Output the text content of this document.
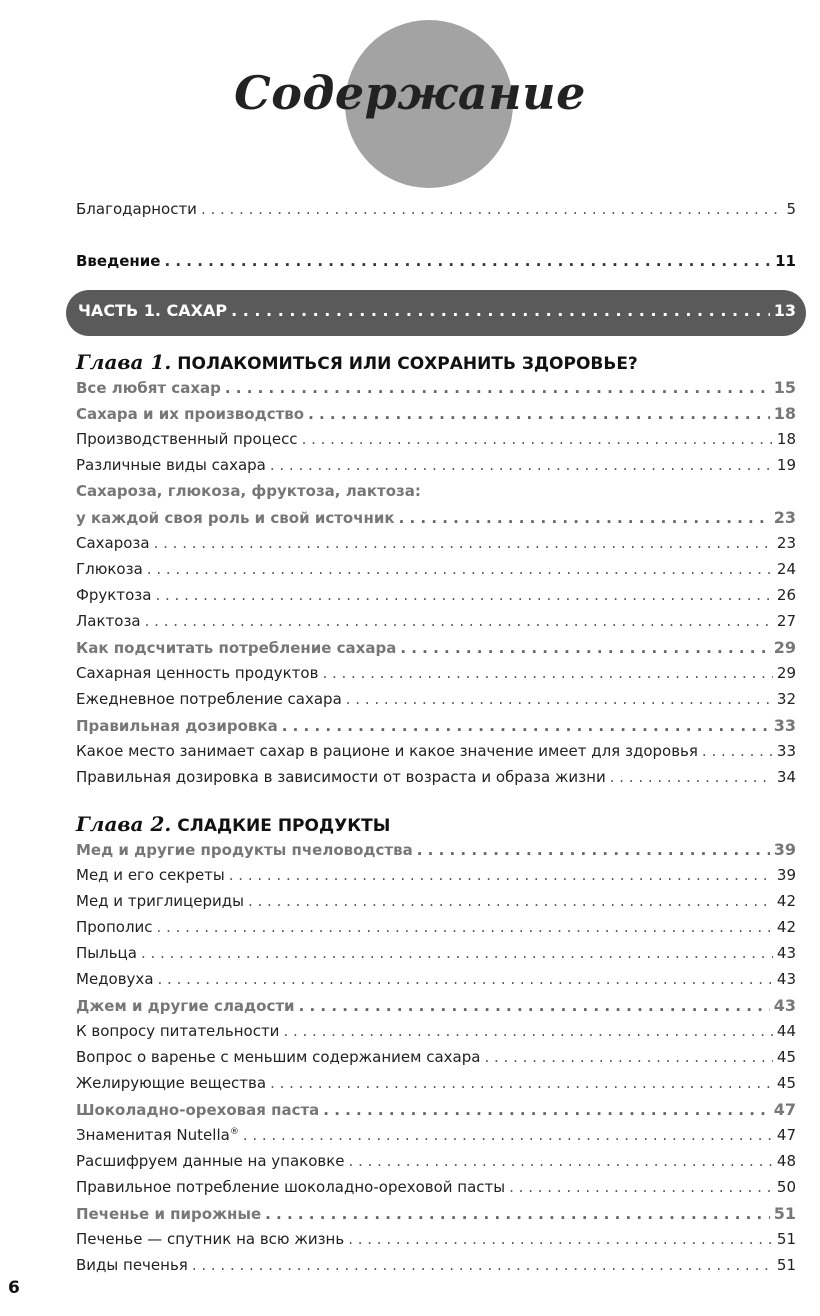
Содержание
Благодарности . . .	5
Введение . . .	11
ЧАСТЬ 1. САХАР . . .	13
Глава 1. ПОЛАКОМИТЬСЯ ИЛИ СОХРАНИТЬ ЗДОРОВЬЕ?
Все любят сахар . . .	15
Сахара и их производство . . .	18
Производственный процесс . . .	18
Различные виды сахара . . .	19
Сахароза, глюкоза, фруктоза, лактоза:
у каждой своя роль и свой источник . . .	23
Сахароза . . .	23
Глюкоза . . .	24
Фруктоза . . .	26
Лактоза . . .	27
Как подсчитать потребление сахара . . .	29
Сахарная ценность продуктов . . .	29
Ежедневное потребление сахара . . .	32
Правильная дозировка . . .	33
Какое место занимает сахар в рационе и какое значение имеет для здоровья . . .	33
Правильная дозировка в зависимости от возраста и образа жизни . . .	34
Глава 2. СЛАДКИЕ ПРОДУКТЫ
Мед и другие продукты пчеловодства . . .	39
Мед и его секреты . . .	39
Мед и триглицериды . . .	42
Прополис . . .	42
Пыльца . . .	43
Медовуха . . .	43
Джем и другие сладости . . .	43
К вопросу питательности . . .	44
Вопрос о варенье с меньшим содержанием сахара . . .	45
Желирующие вещества . . .	45
Шоколадно-ореховая паста . . .	47
Знаменитая Nutella® . . .	47
Расшифруем данные на упаковке . . .	48
Правильное потребление шоколадно-ореховой пасты . . .	50
Печенье и пирожные . . .	51
Печенье — спутник на всю жизнь . . .	51
Виды печенья . . .	51
6
